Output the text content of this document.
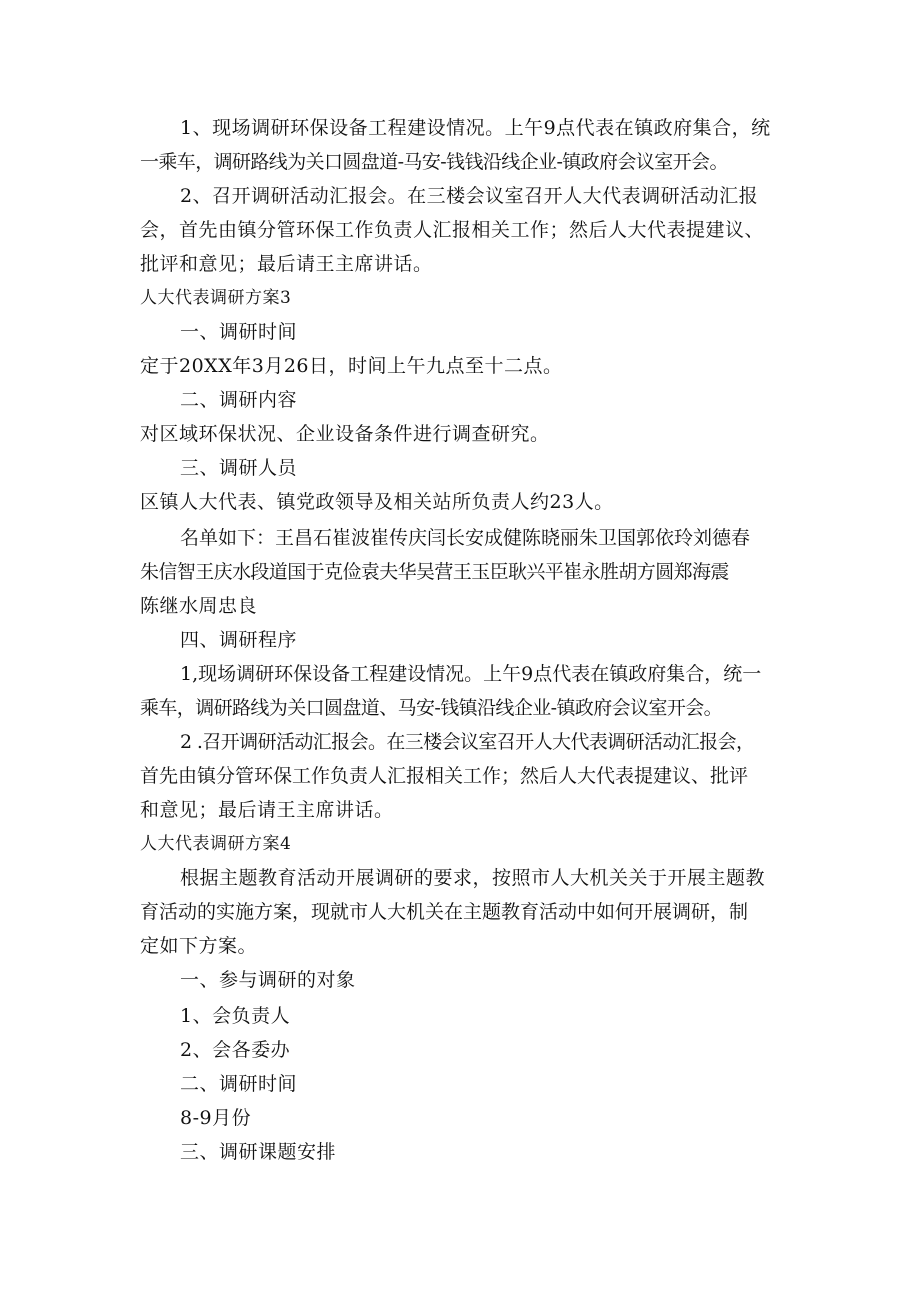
1、现场调研环保设备工程建设情况。上午9点代表在镇政府集合，统
一乘车，调研路线为关口圆盘道-马安-钱钱沿线企业-镇政府会议室开会。
2、召开调研活动汇报会。在三楼会议室召开人大代表调研活动汇报
会，首先由镇分管环保工作负责人汇报相关工作；然后人大代表提建议、
批评和意见；最后请王主席讲话。
人大代表调研方案3
一、调研时间
定于20XX年3月26日，时间上午九点至十二点。
二、调研内容
对区域环保状况、企业设备条件进行调查研究。
三、调研人员
区镇人大代表、镇党政领导及相关站所负责人约23人。
名单如下：王昌石崔波崔传庆闫长安成健陈晓丽朱卫国郭依玲刘德春
朱信智王庆水段道国于克俭袁夫华吴营王玉臣耿兴平崔永胜胡方圆郑海震
陈继水周忠良
四、调研程序
1,现场调研环保设备工程建设情况。上午9点代表在镇政府集合，统一
乘车，调研路线为关口圆盘道、马安-钱镇沿线企业-镇政府会议室开会。
2 .召开调研活动汇报会。在三楼会议室召开人大代表调研活动汇报会，
首先由镇分管环保工作负责人汇报相关工作；然后人大代表提建议、批评
和意见；最后请王主席讲话。
人大代表调研方案4
根据主题教育活动开展调研的要求，按照市人大机关关于开展主题教
育活动的实施方案，现就市人大机关在主题教育活动中如何开展调研，制
定如下方案。
一、参与调研的对象
1、会负责人
2、会各委办
二、调研时间
8-9月份
三、调研课题安排
